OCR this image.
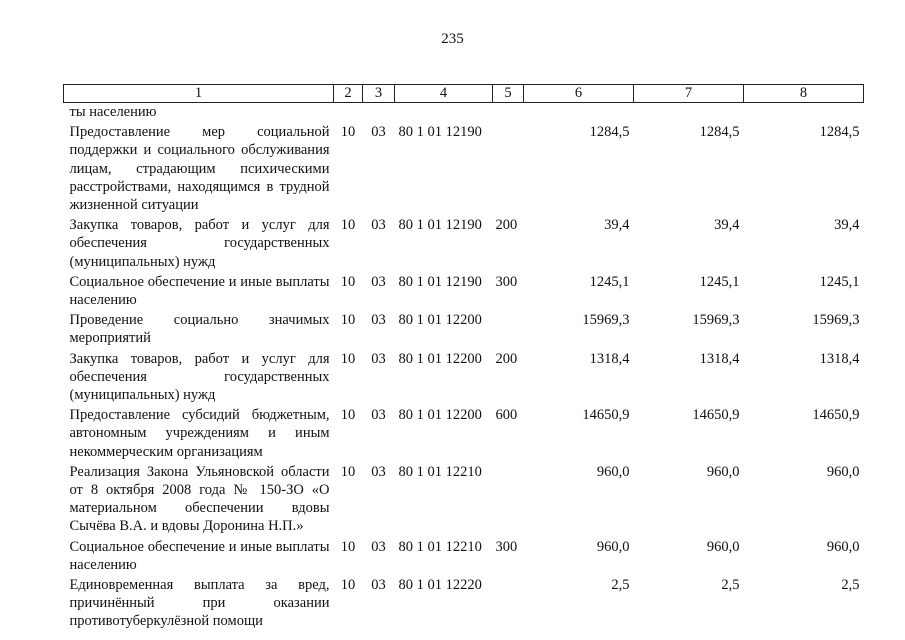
235
1	2	3	4	5	6	7	8
ты населению							
Предоставление мер социальной поддержки и социального обслуживания лицам, страдающим психическими расстройствами, находящимся в трудной жизненной ситуации	10	03	80 1 01 12190		1284,5	1284,5	1284,5
Закупка товаров, работ и услуг для обеспечения государственных (муниципальных) нужд	10	03	80 1 01 12190	200	39,4	39,4	39,4
Социальное обеспечение и иные выплаты населению	10	03	80 1 01 12190	300	1245,1	1245,1	1245,1
Проведение социально значимых мероприятий	10	03	80 1 01 12200		15969,3	15969,3	15969,3
Закупка товаров, работ и услуг для обеспечения государственных (муниципальных) нужд	10	03	80 1 01 12200	200	1318,4	1318,4	1318,4
Предоставление субсидий бюджетным, автономным учреждениям и иным некоммерческим организациям	10	03	80 1 01 12200	600	14650,9	14650,9	14650,9
Реализация Закона Ульяновской области от 8 октября 2008 года № 150-ЗО «О материальном обеспечении вдовы Сычёва В.А. и вдовы Доронина Н.П.»	10	03	80 1 01 12210		960,0	960,0	960,0
Социальное обеспечение и иные выплаты населению	10	03	80 1 01 12210	300	960,0	960,0	960,0
Единовременная выплата за вред, причинённый при оказании противотуберкулёзной помощи	10	03	80 1 01 12220		2,5	2,5	2,5
